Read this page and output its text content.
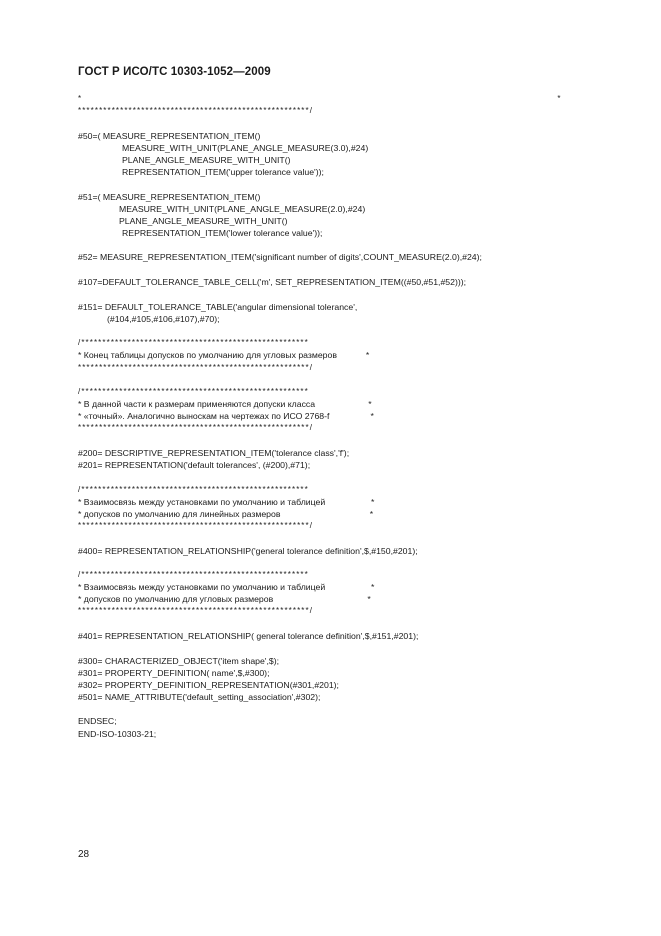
ГОСТ Р ИСО/ТС 10303-1052—2009
*                                                                                                                                               *
*******************************************************/
#50=( MEASURE_REPRESENTATION_ITEM()
MEASURE_WITH_UNIT(PLANE_ANGLE_MEASURE(3.0),#24)
PLANE_ANGLE_MEASURE_WITH_UNIT()
REPRESENTATION_ITEM('upper tolerance value'));
#51=( MEASURE_REPRESENTATION_ITEM()
MEASURE_WITH_UNIT(PLANE_ANGLE_MEASURE(2.0),#24)
PLANE_ANGLE_MEASURE_WITH_UNIT()
REPRESENTATION_ITEM('lower tolerance value'));
#52= MEASURE_REPRESENTATION_ITEM('significant number of digits',COUNT_MEASURE(2.0),#24);
#107=DEFAULT_TOLERANCE_TABLE_CELL('m', SET_REPRESENTATION_ITEM((#50,#51,#52)));
#151= DEFAULT_TOLERANCE_TABLE('angular dimensional tolerance',
(#104,#105,#106,#107),#70);
/******************************************************
* Конец таблицы допусков по умолчанию для угловых размеров            *
*******************************************************/
/******************************************************
* В данной части к размерам применяются допуски класса                      *
* «точный». Аналогично выноскам на чертежах по ИСО 2768-f                 *
*******************************************************/
#200= DESCRIPTIVE_REPRESENTATION_ITEM('tolerance class','f');
#201= REPRESENTATION('default tolerances', (#200),#71);
/******************************************************
* Взаимосвязь между установками по умолчанию и таблицей                   *
* допусков по умолчанию для линейных размеров                                     *
*******************************************************/
#400= REPRESENTATION_RELATIONSHIP('general tolerance definition',$,#150,#201);
/******************************************************
* Взаимосвязь между установками по умолчанию и таблицей                   *
* допусков по умолчанию для угловых размеров                                       *
*******************************************************/
#401= REPRESENTATION_RELATIONSHIP( general tolerance definition',$,#151,#201);
#300= CHARACTERIZED_OBJECT('item shape',$);
#301= PROPERTY_DEFINITION( name',$,#300);
#302= PROPERTY_DEFINITION_REPRESENTATION(#301,#201);
#501= NAME_ATTRIBUTE('default_setting_association',#302);
ENDSEC;
END-ISO-10303-21;
28
